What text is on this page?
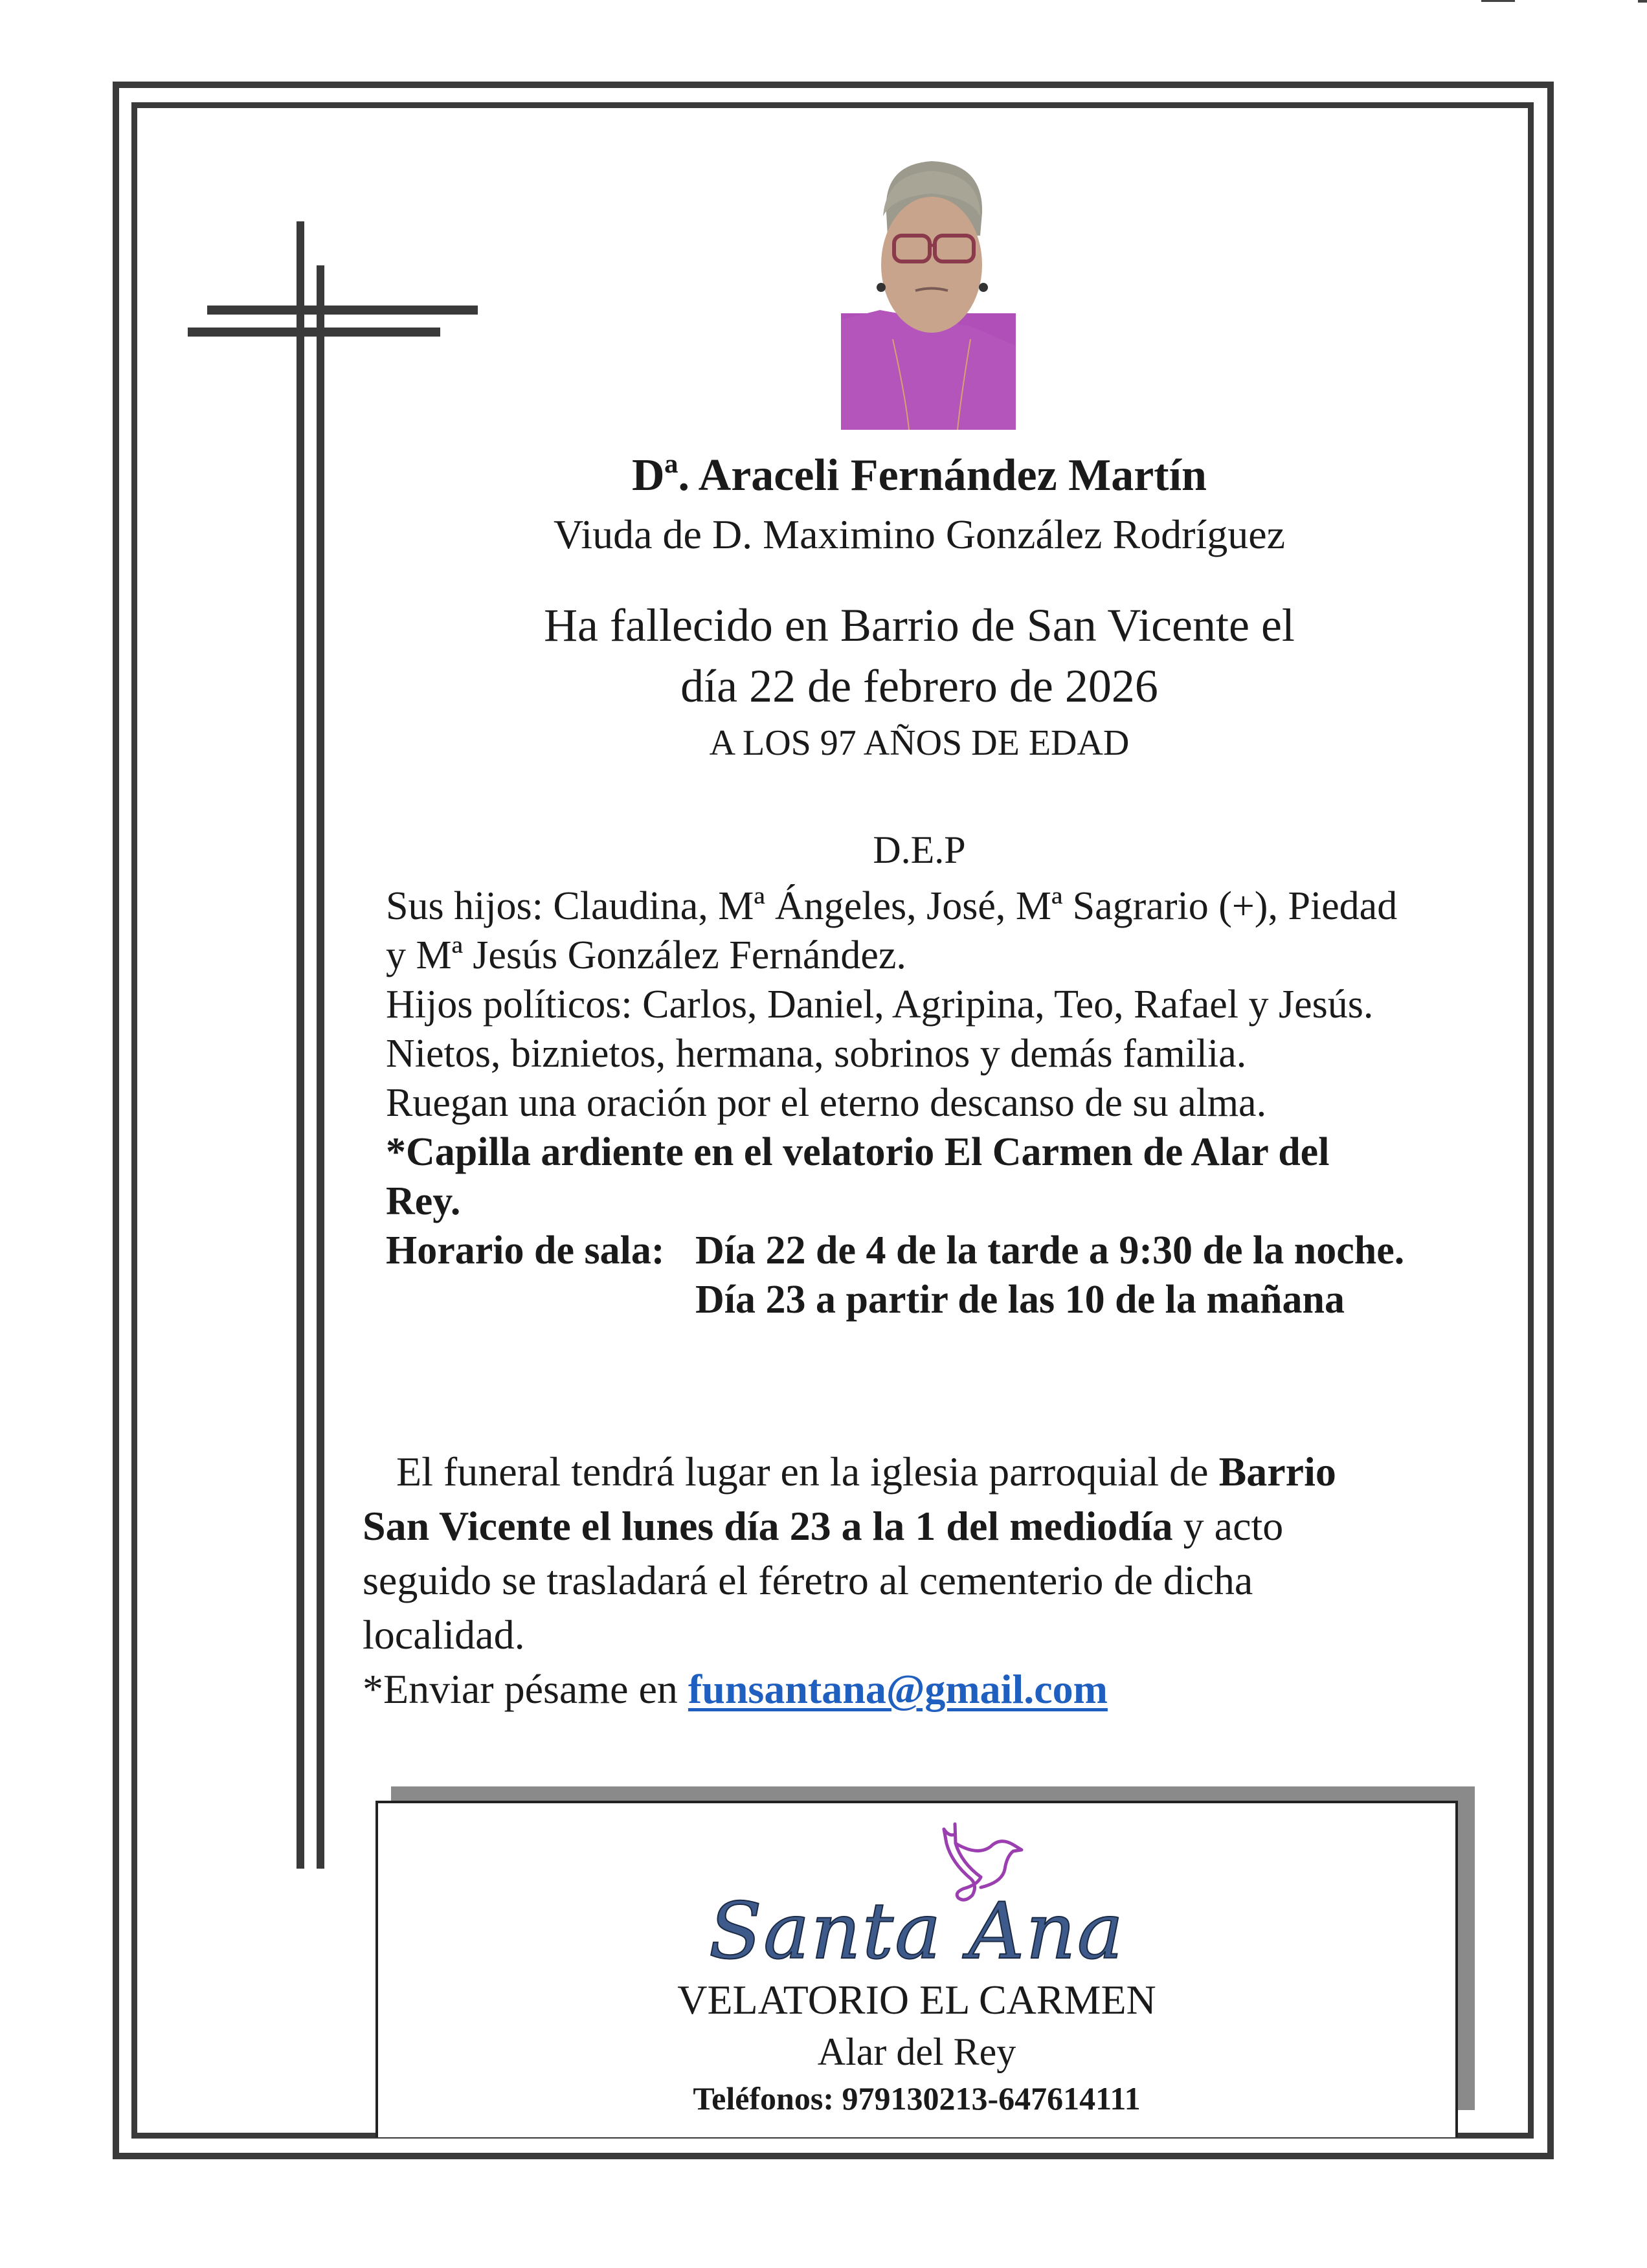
Dª. Araceli Fernández Martín
Viuda de D. Maximino González Rodríguez
Ha fallecido en Barrio de San Vicente el
día 22 de febrero de 2026
A LOS 97 AÑOS DE EDAD
D.E.P
Sus hijos: Claudina, Mª Ángeles, José, Mª Sagrario (+), Piedad
y Mª Jesús González Fernández.
Hijos políticos: Carlos, Daniel, Agripina, Teo, Rafael y Jesús.
Nietos, biznietos, hermana, sobrinos y demás familia.
Ruegan una oración por el eterno descanso de su alma.
*Capilla ardiente en el velatorio El Carmen de Alar del
Rey.
Horario de sala: Día 22 de 4 de la tarde a 9:30 de la noche.
Día 23 a partir de las 10 de la mañana
El funeral tendrá lugar en la iglesia parroquial de Barrio
San Vicente el lunes día 23 a la 1 del mediodía y acto
seguido se trasladará el féretro al cementerio de dicha
localidad.
*Enviar pésame en funsantana@gmail.com
Santa Ana
VELATORIO EL CARMEN
Alar del Rey
Teléfonos: 979130213-647614111
